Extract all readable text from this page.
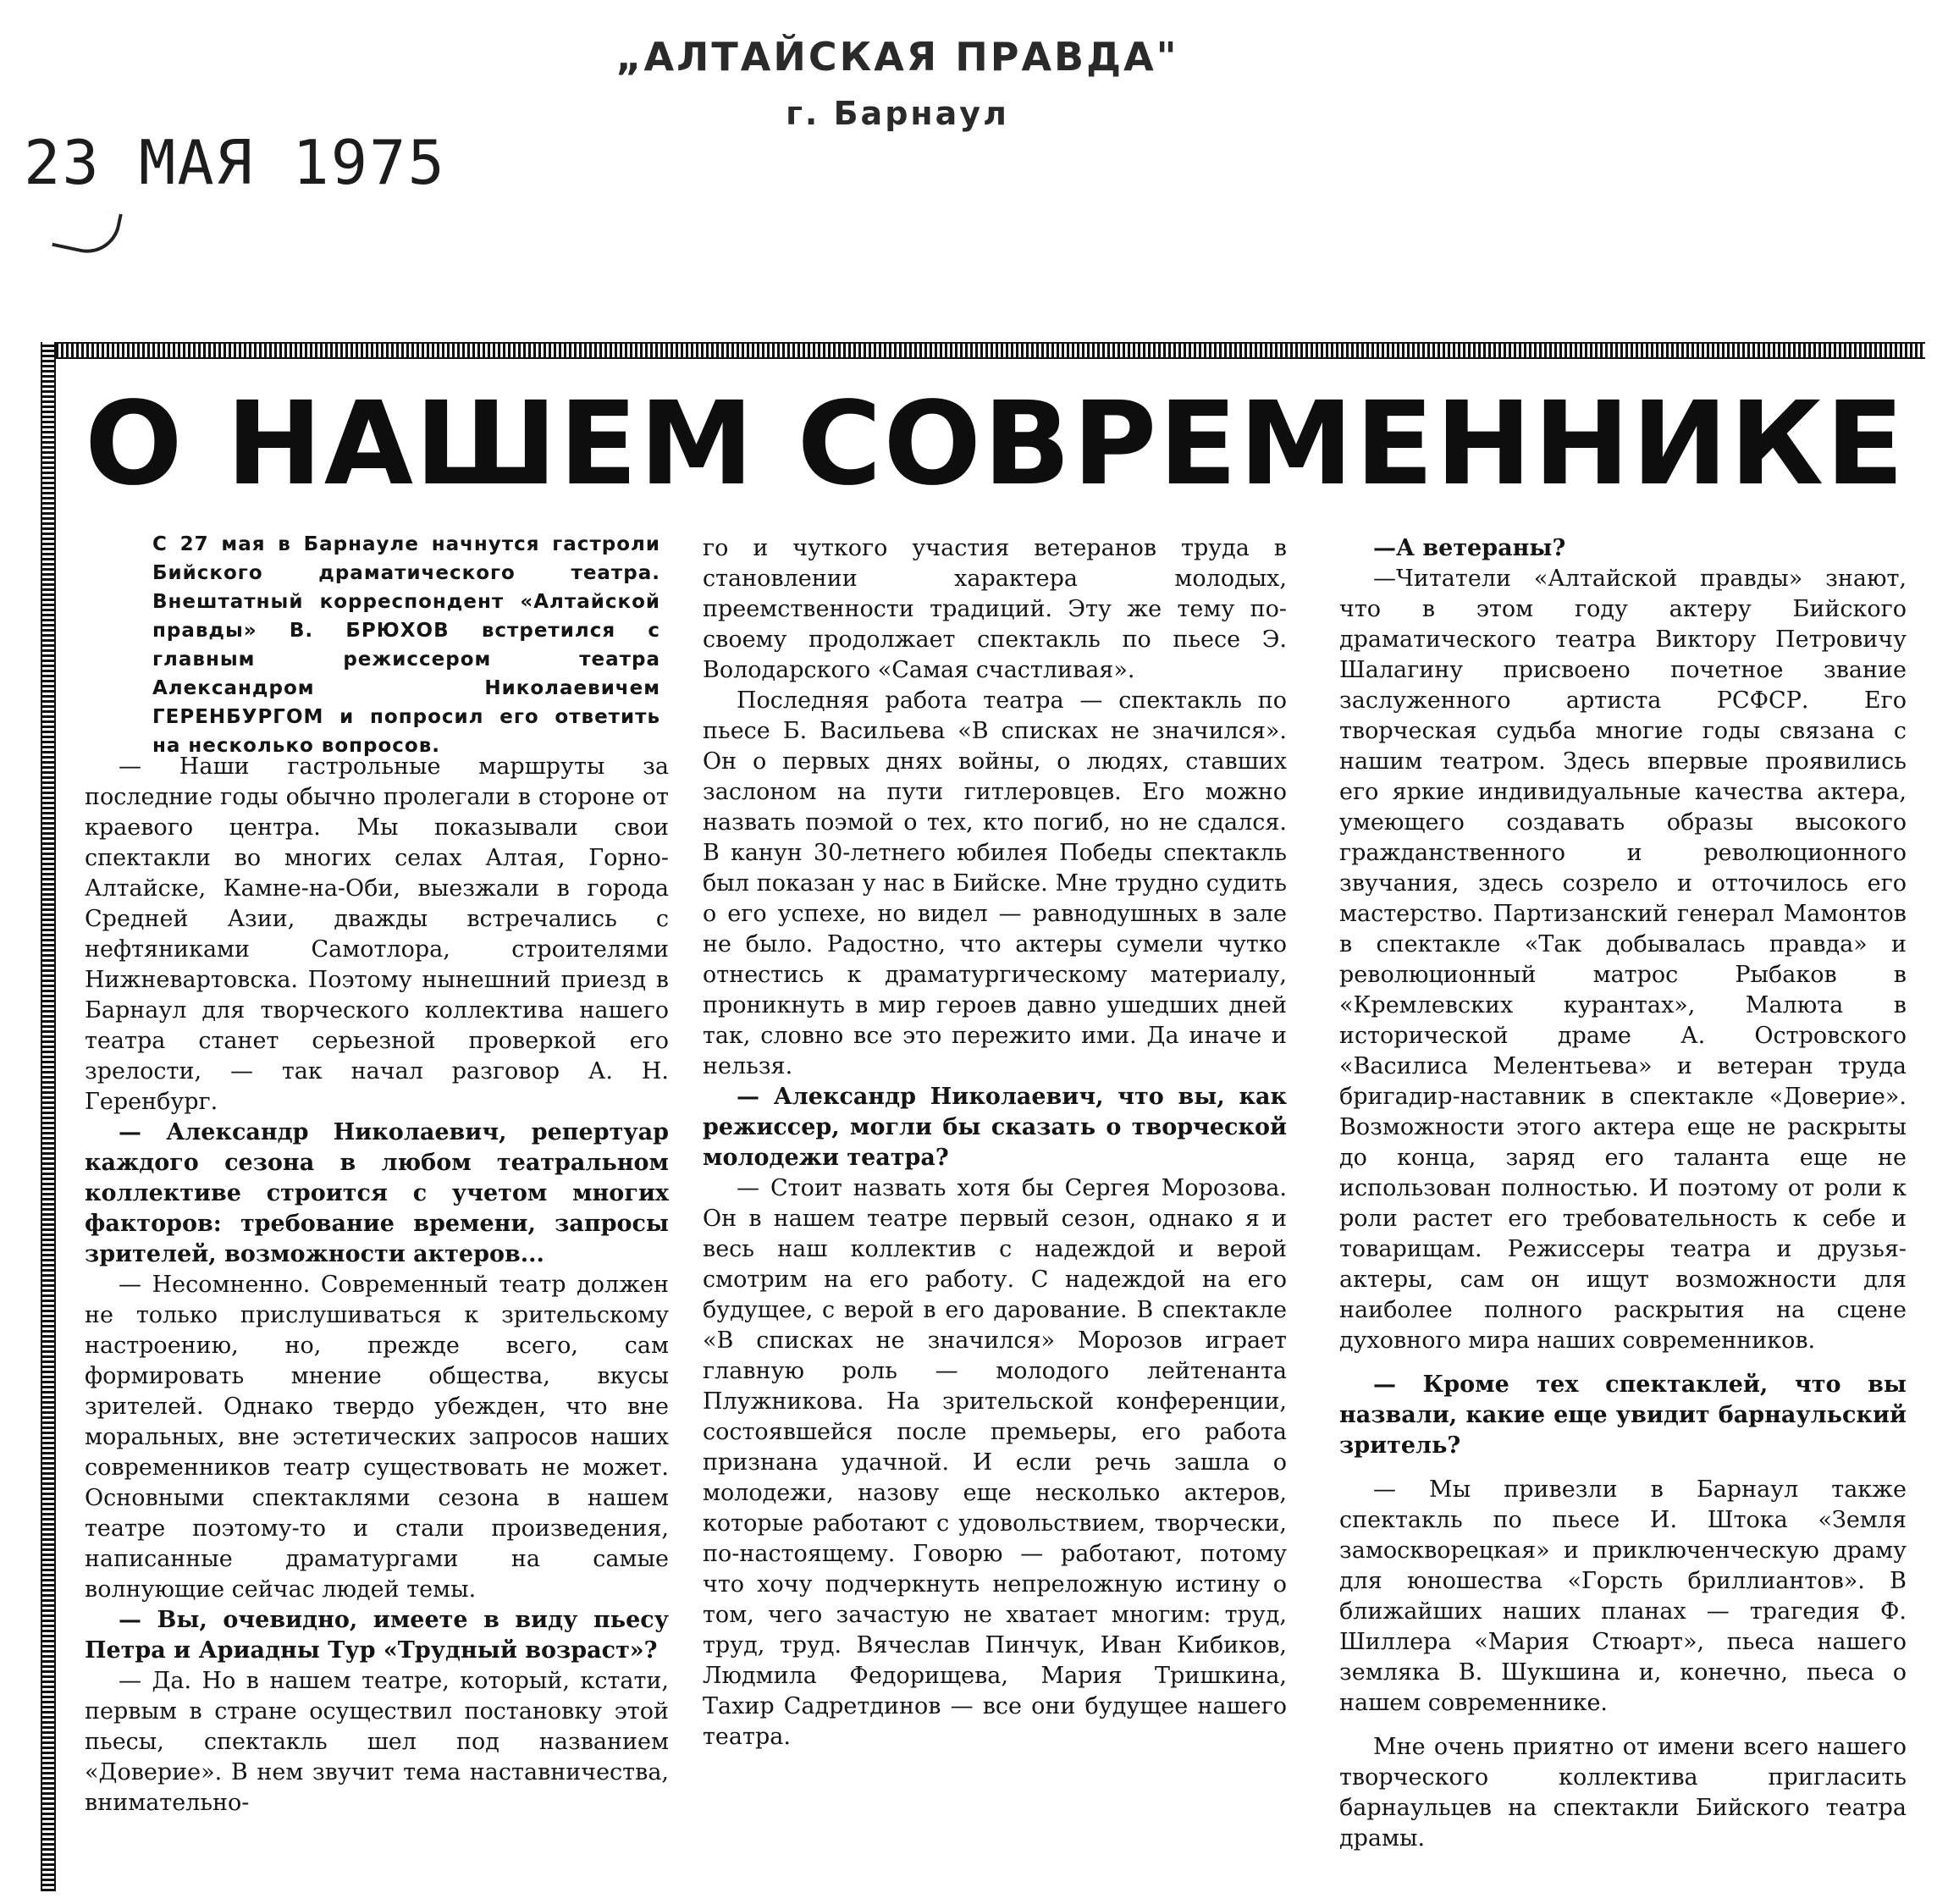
„АЛТАЙСКАЯ ПРАВДА"
г. Барнаул
23 МАЯ 1975
О НАШЕМ СОВРЕМЕННИКЕ
С 27 мая в Барнауле начнутся гастроли Бийского драматического театра. Внештатный корреспондент «Алтайской правды» В. БРЮХОВ встретился с главным режиссером театра Александром Николаевичем ГЕРЕНБУРГОМ и попросил его ответить на несколько вопросов.

— Наши гастрольные маршруты за последние годы обычно пролегали в стороне от краевого центра. Мы показывали свои спектакли во многих селах Алтая, Горно-Алтайске, Камне-на-Оби, выезжали в города Средней Азии, дважды встречались с нефтяниками Самотлора, строителями Нижневартовска. Поэтому нынешний приезд в Барнаул для творческого коллектива нашего театра станет серьезной проверкой его зрелости, — так начал разговор А. Н. Геренбург.

— Александр Николаевич, репертуар каждого сезона в любом театральном коллективе строится с учетом многих факторов: требование времени, запросы зрителей, возможности актеров...

— Несомненно. Современный театр должен не только прислушиваться к зрительскому настроению, но, прежде всего, сам формировать мнение общества, вкусы зрителей. Однако твердо убежден, что вне моральных, вне эстетических запросов наших современников театр существовать не может. Основными спектаклями сезона в нашем театре поэтому-то и стали произведения, написанные драматургами на самые волнующие сейчас людей темы.

— Вы, очевидно, имеете в виду пьесу Петра и Ариадны Тур «Трудный возраст»?

— Да. Но в нашем театре, который, кстати, первым в стране осуществил постановку этой пьесы, спектакль шел под названием «Доверие». В нем звучит тема наставничества, внимательно-

го и чуткого участия ветеранов труда в становлении характера молодых, преемственности традиций. Эту же тему по-своему продолжает спектакль по пьесе Э. Володарского «Самая счастливая».

Последняя работа театра — спектакль по пьесе Б. Васильева «В списках не значился». Он о первых днях войны, о людях, ставших заслоном на пути гитлеровцев. Его можно назвать поэмой о тех, кто погиб, но не сдался. В канун 30-летнего юбилея Победы спектакль был показан у нас в Бийске. Мне трудно судить о его успехе, но видел — равнодушных в зале не было. Радостно, что актеры сумели чутко отнестись к драматургическому материалу, проникнуть в мир героев давно ушедших дней так, словно все это пережито ими. Да иначе и нельзя.

— Александр Николаевич, что вы, как режиссер, могли бы сказать о творческой молодежи театра?

— Стоит назвать хотя бы Сергея Морозова. Он в нашем театре первый сезон, однако я и весь наш коллектив с надеждой и верой смотрим на его работу. С надеждой на его будущее, с верой в его дарование. В спектакле «В списках не значился» Морозов играет главную роль — молодого лейтенанта Плужникова. На зрительской конференции, состоявшейся после премьеры, его работа признана удачной. И если речь зашла о молодежи, назову еще несколько актеров, которые работают с удовольствием, творчески, по-настоящему. Говорю — работают, потому что хочу подчеркнуть непреложную истину о том, чего зачастую не хватает многим: труд, труд, труд. Вячеслав Пинчук, Иван Кибиков, Людмила Федорищева, Мария Тришкина, Тахир Садретдинов — все они будущее нашего театра.

—А ветераны?

—Читатели «Алтайской правды» знают, что в этом году актеру Бийского драматического театра Виктору Петровичу Шалагину присвоено почетное звание заслуженного артиста РСФСР. Его творческая судьба многие годы связана с нашим театром. Здесь впервые проявились его яркие индивидуальные качества актера, умеющего создавать образы высокого гражданственного и революционного звучания, здесь созрело и отточилось его мастерство. Партизанский генерал Мамонтов в спектакле «Так добывалась правда» и революционный матрос Рыбаков в «Кремлевских курантах», Малюта в исторической драме А. Островского «Василиса Мелентьева» и ветеран труда бригадир-наставник в спектакле «Доверие». Возможности этого актера еще не раскрыты до конца, заряд его таланта еще не использован полностью. И поэтому от роли к роли растет его требовательность к себе и товарищам. Режиссеры театра и друзья-актеры, сам он ищут возможности для наиболее полного раскрытия на сцене духовного мира наших современников.

— Кроме тех спектаклей, что вы назвали, какие еще увидит барнаульский зритель?

— Мы привезли в Барнаул также спектакль по пьесе И. Штока «Земля замоскворецкая» и приключенческую драму для юношества «Горсть бриллиантов». В ближайших наших планах — трагедия Ф. Шиллера «Мария Стюарт», пьеса нашего земляка В. Шукшина и, конечно, пьеса о нашем современнике.

Мне очень приятно от имени всего нашего творческого коллектива пригласить барнаульцев на спектакли Бийского театра драмы.
